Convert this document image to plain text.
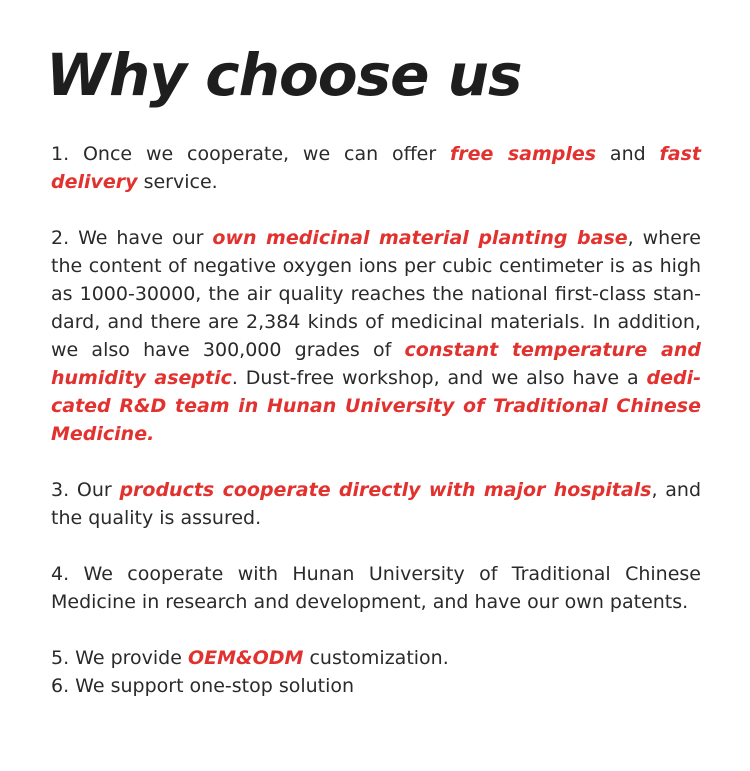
Why choose us

1. Once we cooperate, we can offer free samples and fast delivery service.

2. We have our own medicinal material planting base, where the content of negative oxygen ions per cubic centimeter is as high as 1000-30000, the air quality reaches the national first-class standard, and there are 2,384 kinds of medicinal materials. In addition, we also have 300,000 grades of constant temperature and humidity aseptic. Dust-free workshop, and we also have a dedicated R&D team in Hunan University of Traditional Chinese Medicine.

3. Our products cooperate directly with major hospitals, and the quality is assured.

4. We cooperate with Hunan University of Traditional Chinese Medicine in research and development, and have our own patents.

5. We provide OEM&ODM customization.

6. We support one-stop solution
